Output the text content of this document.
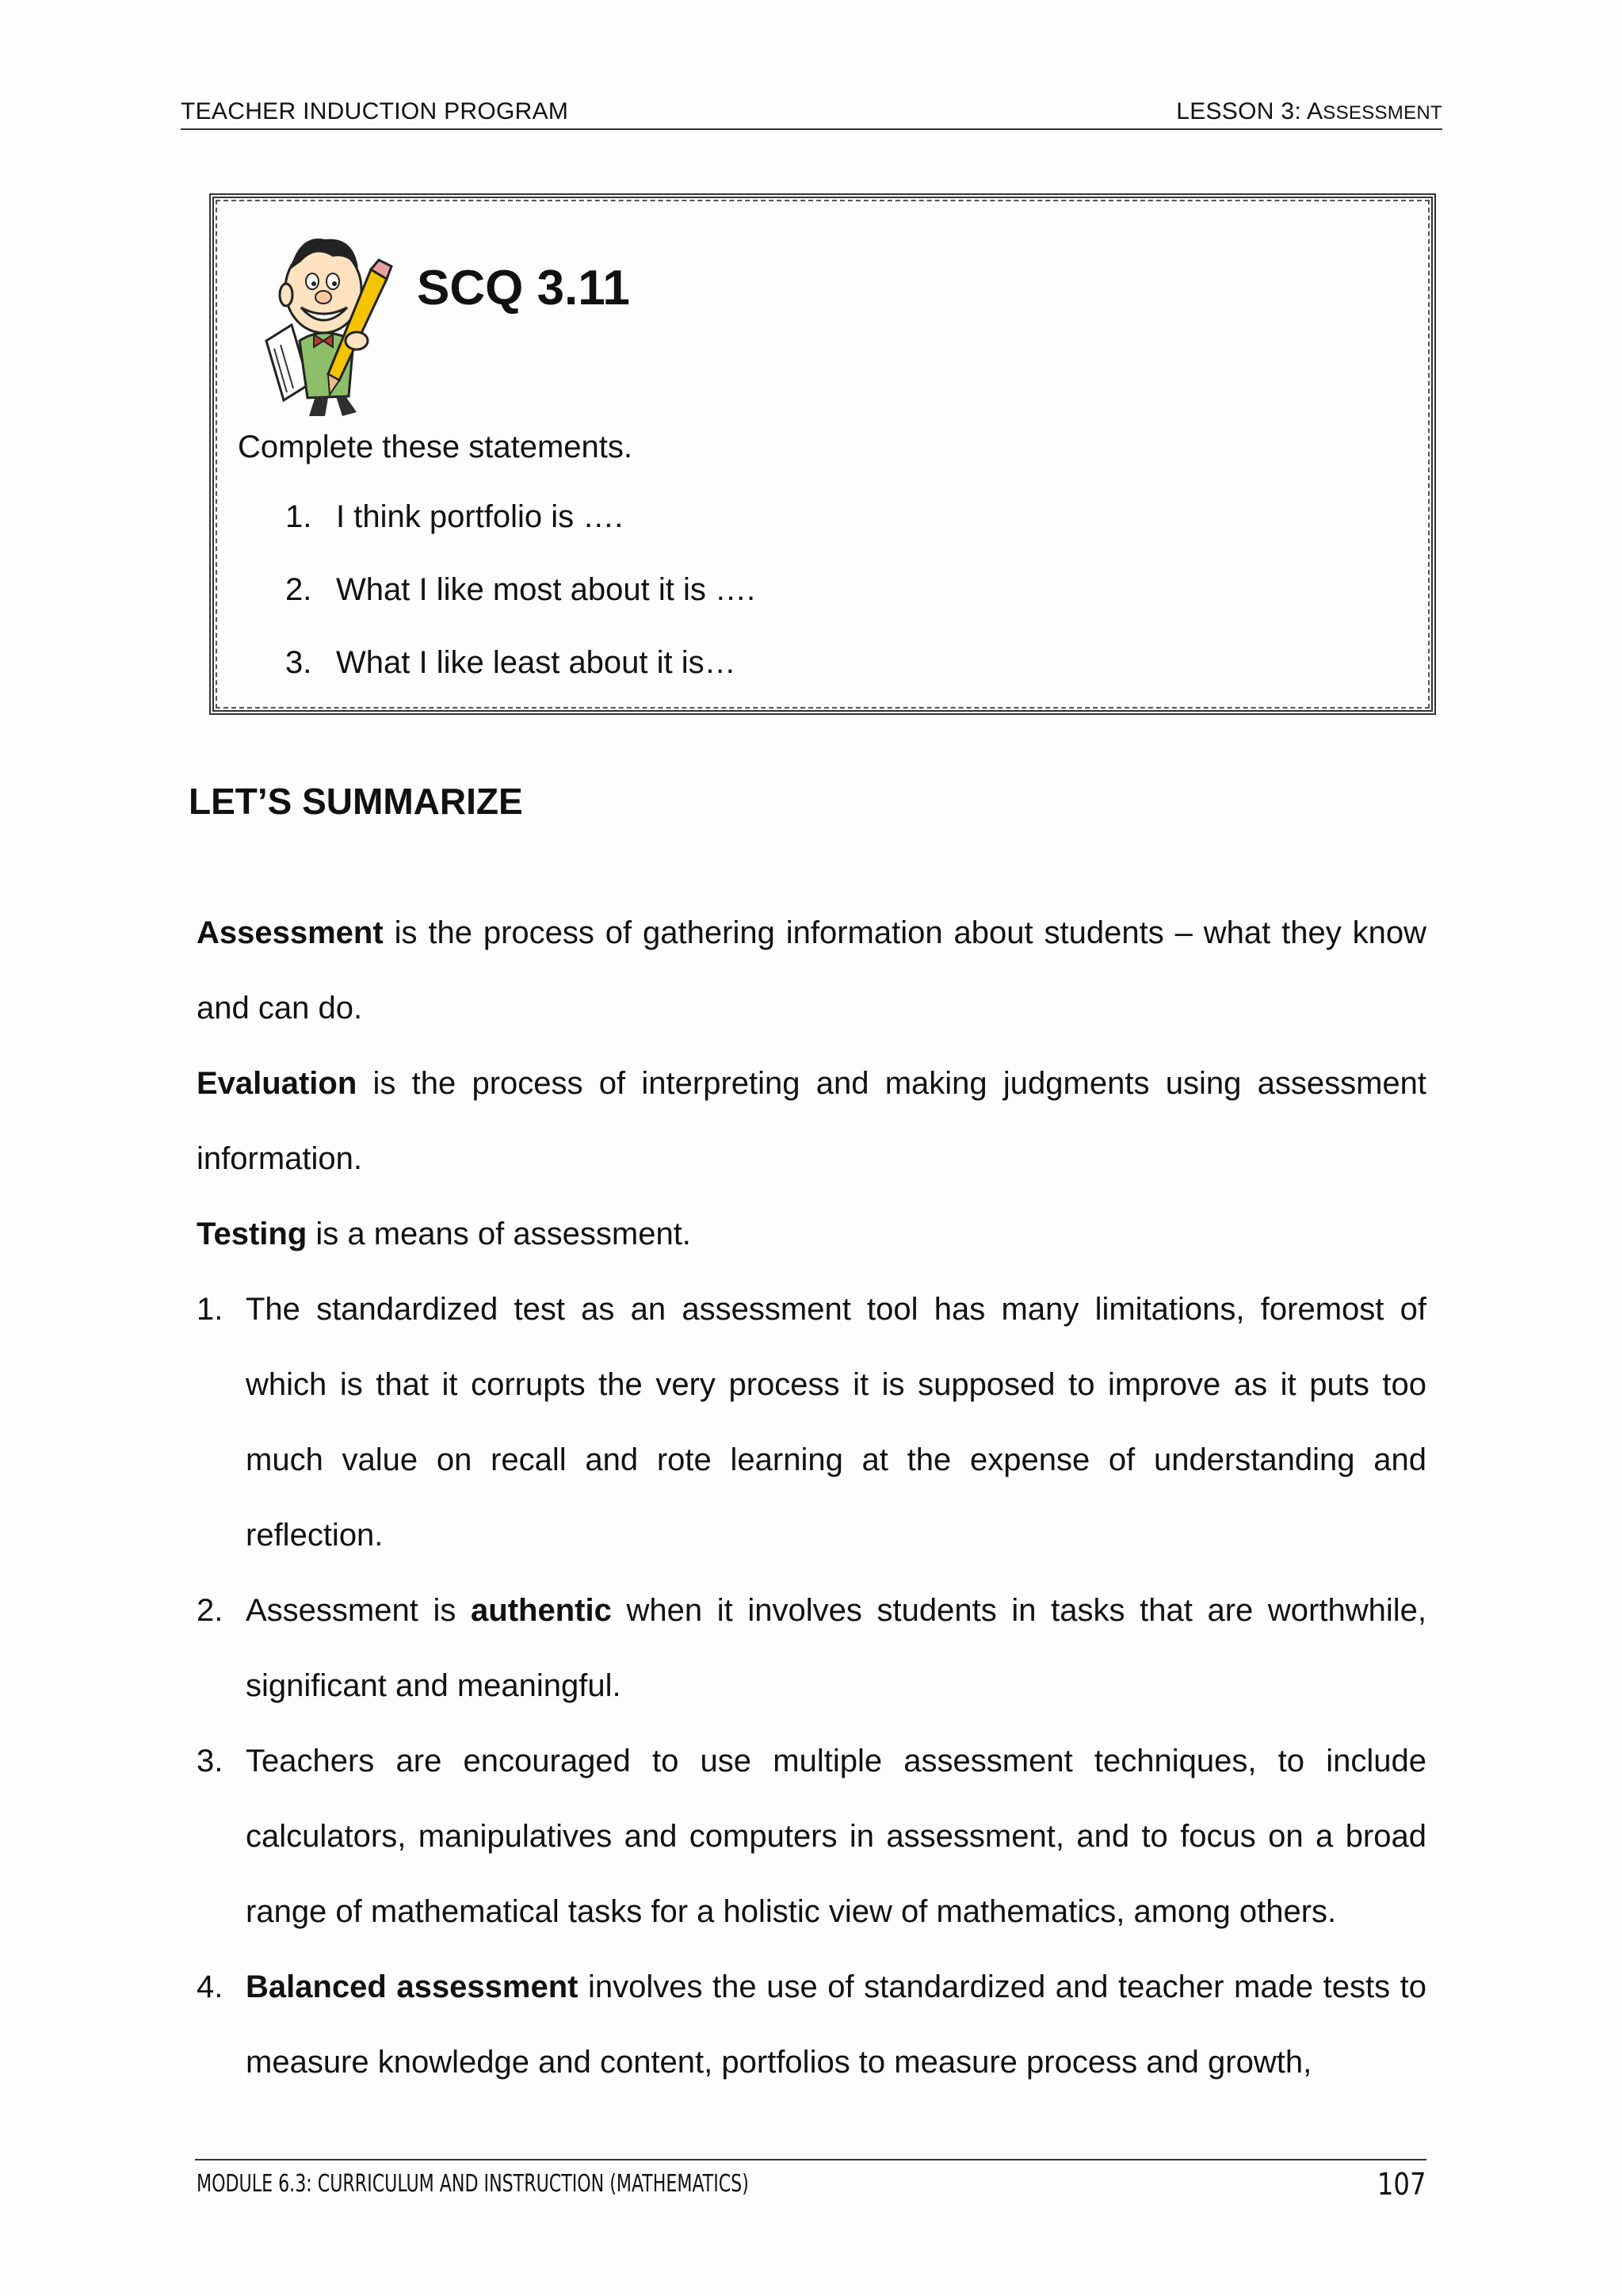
TEACHER INDUCTION PROGRAM	LESSON 3: ASSESSMENT
SCQ 3.11
Complete these statements.
1. I think portfolio is ….
2. What I like most about it is ….
3. What I like least about it is…
LET’S SUMMARIZE

Assessment is the process of gathering information about students – what they know and can do.

Evaluation is the process of interpreting and making judgments using assessment information.

Testing is a means of assessment.

1. The standardized test as an assessment tool has many limitations, foremost of which is that it corrupts the very process it is supposed to improve as it puts too much value on recall and rote learning at the expense of understanding and reflection.
2. Assessment is authentic when it involves students in tasks that are worthwhile, significant and meaningful.
3. Teachers are encouraged to use multiple assessment techniques, to include calculators, manipulatives and computers in assessment, and to focus on a broad range of mathematical tasks for a holistic view of mathematics, among others.
4. Balanced assessment involves the use of standardized and teacher made tests to measure knowledge and content, portfolios to measure process and growth,
MODULE 6.3: CURRICULUM AND INSTRUCTION (MATHEMATICS)	107
